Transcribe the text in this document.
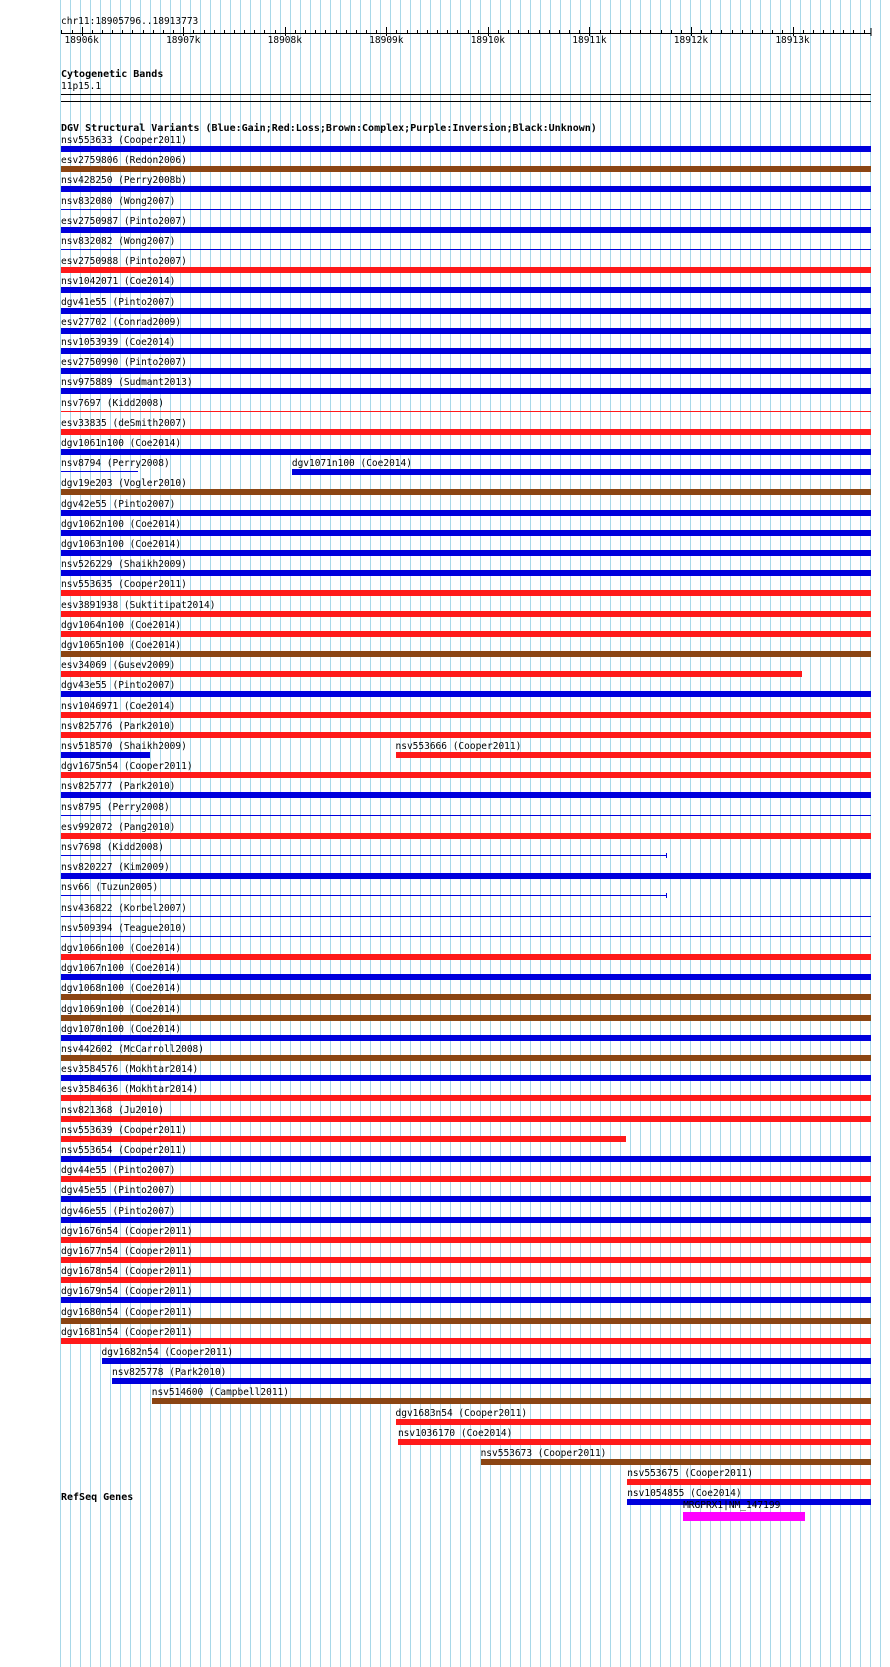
chr11:18905796..18913773
18906k	18907k	18908k	18909k	18910k	18911k	18912k	18913k
Cytogenetic Bands
11p15.1
DGV Structural Variants (Blue:Gain;Red:Loss;Brown:Complex;Purple:Inversion;Black:Unknown)
nsv553633 (Cooper2011)
esv2759806 (Redon2006)
nsv428250 (Perry2008b)
nsv832080 (Wong2007)
esv2750987 (Pinto2007)
nsv832082 (Wong2007)
esv2750988 (Pinto2007)
nsv1042071 (Coe2014)
dgv41e55 (Pinto2007)
esv27702 (Conrad2009)
nsv1053939 (Coe2014)
esv2750990 (Pinto2007)
nsv975889 (Sudmant2013)
nsv7697 (Kidd2008)
esv33835 (deSmith2007)
dgv1061n100 (Coe2014)
nsv8794 (Perry2008)	dgv1071n100 (Coe2014)
dgv19e203 (Vogler2010)
dgv42e55 (Pinto2007)
dgv1062n100 (Coe2014)
dgv1063n100 (Coe2014)
nsv526229 (Shaikh2009)
nsv553635 (Cooper2011)
esv3891938 (Suktitipat2014)
dgv1064n100 (Coe2014)
dgv1065n100 (Coe2014)
esv34069 (Gusev2009)
dgv43e55 (Pinto2007)
nsv1046971 (Coe2014)
nsv825776 (Park2010)
nsv518570 (Shaikh2009)	nsv553666 (Cooper2011)
dgv1675n54 (Cooper2011)
nsv825777 (Park2010)
nsv8795 (Perry2008)
esv992072 (Pang2010)
nsv7698 (Kidd2008)
nsv820227 (Kim2009)
nsv66 (Tuzun2005)
nsv436822 (Korbel2007)
nsv509394 (Teague2010)
dgv1066n100 (Coe2014)
dgv1067n100 (Coe2014)
dgv1068n100 (Coe2014)
dgv1069n100 (Coe2014)
dgv1070n100 (Coe2014)
nsv442602 (McCarroll2008)
esv3584576 (Mokhtar2014)
esv3584636 (Mokhtar2014)
nsv821368 (Ju2010)
nsv553639 (Cooper2011)
nsv553654 (Cooper2011)
dgv44e55 (Pinto2007)
dgv45e55 (Pinto2007)
dgv46e55 (Pinto2007)
dgv1676n54 (Cooper2011)
dgv1677n54 (Cooper2011)
dgv1678n54 (Cooper2011)
dgv1679n54 (Cooper2011)
dgv1680n54 (Cooper2011)
dgv1681n54 (Cooper2011)
dgv1682n54 (Cooper2011)
nsv825778 (Park2010)
nsv514600 (Campbell2011)
dgv1683n54 (Cooper2011)
nsv1036170 (Coe2014)
nsv553673 (Cooper2011)
nsv553675 (Cooper2011)
nsv1054855 (Coe2014)
RefSeq Genes
MRGPRX1|NM_147199
